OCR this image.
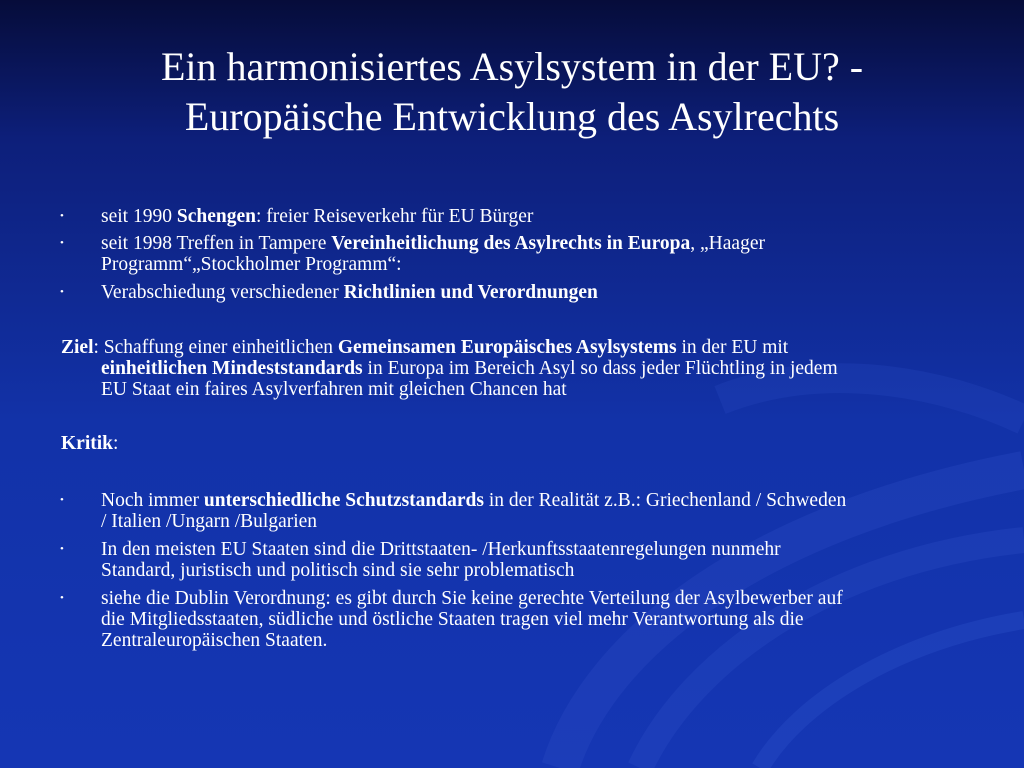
Ein harmonisiertes Asylsystem in der EU? -
Europäische Entwicklung des Asylrechts
• seit 1990 Schengen: freier Reiseverkehr für EU Bürger
• seit 1998 Treffen in Tampere Vereinheitlichung des Asylrechts in Europa, „Haager
Programm“„Stockholmer Programm“:
• Verabschiedung verschiedener Richtlinien und Verordnungen
Ziel: Schaffung einer einheitlichen Gemeinsamen Europäisches Asylsystems in der EU mit
einheitlichen Mindeststandards in Europa im Bereich Asyl so dass jeder Flüchtling in jedem
EU Staat ein faires Asylverfahren mit gleichen Chancen hat
Kritik:
• Noch immer unterschiedliche Schutzstandards in der Realität z.B.: Griechenland / Schweden
/ Italien /Ungarn /Bulgarien
• In den meisten EU Staaten sind die Drittstaaten- /Herkunftsstaatenregelungen nunmehr
Standard, juristisch und politisch sind sie sehr problematisch
• siehe die Dublin Verordnung: es gibt durch Sie keine gerechte Verteilung der Asylbewerber auf
die Mitgliedsstaaten, südliche und östliche Staaten tragen viel mehr Verantwortung als die
Zentraleuropäischen Staaten.
